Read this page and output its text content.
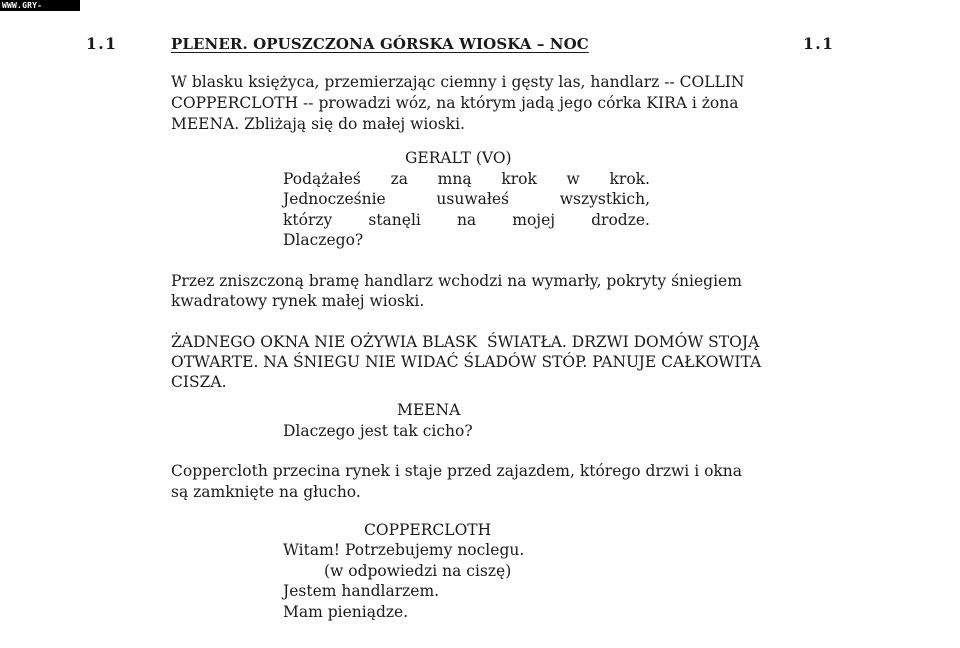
WWW.GRY-ONLINE.PL
1.1	PLENER. OPUSZCZONA GÓRSKA WIOSKA – NOC	1.1
W blasku księżyca, przemierzając ciemny i gęsty las, handlarz -- COLLIN
COPPERCLOTH -- prowadzi wóz, na którym jadą jego córka KIRA i żona
MEENA. Zbliżają się do małej wioski.
GERALT (VO)
Podążałeś za mną krok w krok.
Jednocześnie usuwałeś wszystkich,
którzy stanęli na mojej drodze.
Dlaczego?
Przez zniszczoną bramę handlarz wchodzi na wymarły, pokryty śniegiem
kwadratowy rynek małej wioski.
ŻADNEGO OKNA NIE OŻYWIA BLASK  ŚWIATŁA. DRZWI DOMÓW STOJĄ
OTWARTE. NA ŚNIEGU NIE WIDAĆ ŚLADÓW STÓP. PANUJE CAŁKOWITA
CISZA.
MEENA
Dlaczego jest tak cicho?
Coppercloth przecina rynek i staje przed zajazdem, którego drzwi i okna
są zamknięte na głucho.
COPPERCLOTH
Witam! Potrzebujemy noclegu.
(w odpowiedzi na ciszę)
Jestem handlarzem.
Mam pieniądze.
